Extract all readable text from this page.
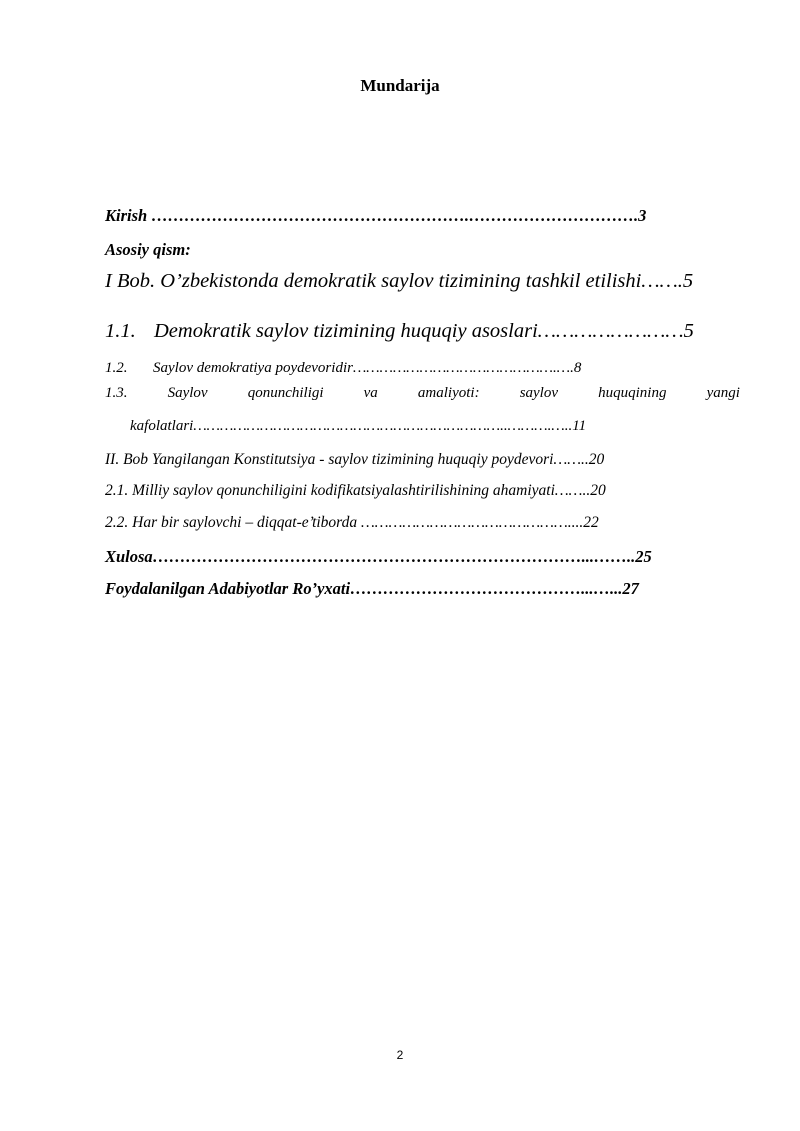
Mundarija
Kirish ………………………………………………….………………………….3
Asosiy qism:
I Bob. O’zbekistonda demokratik saylov tizimining tashkil etilishi…….5
1.1. Demokratik saylov tizimining huquqiy asoslari……………………5
1.2. Saylov demokratiya poydevoridir……………………………………….….8
1.3.	Saylov	qonunchiligi	va	amaliyoti:	saylov	huquqining	yangi
kafolatlari……………………………………………………………..……….…..11
II. Bob Yangilangan Konstitutsiya - saylov tizimining huquqiy poydevori……..20
2.1. Milliy saylov qonunchiligini kodifikatsiyalashtirilishining ahamiyati……..20
2.2. Har bir saylovchi – diqqat-e’tiborda ………………………………………....22
Xulosa……………………………………………………………………...……..25
Foydalanilgan Adabiyotlar Ro’yxati……………………………………...…...27
2
